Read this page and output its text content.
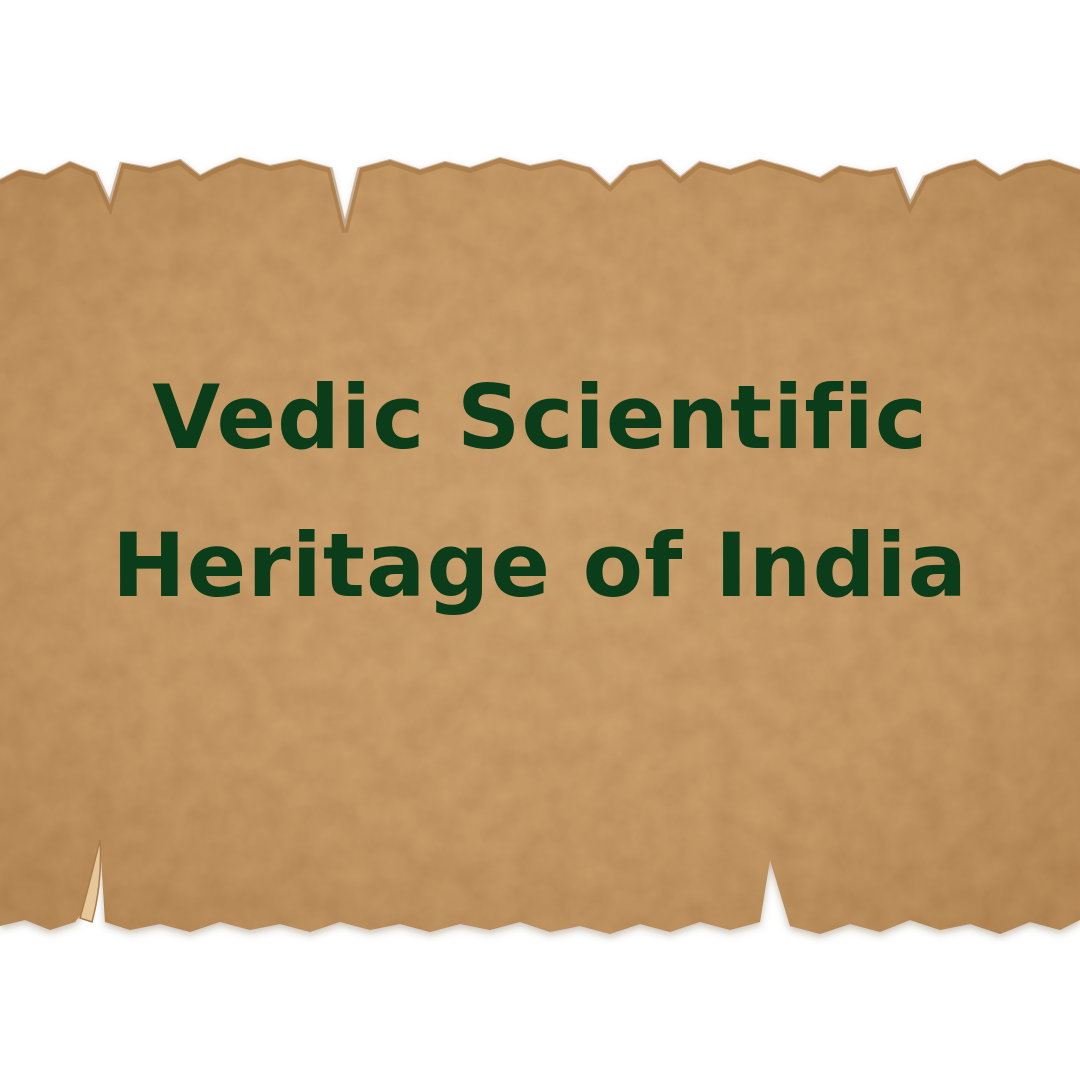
Vedic Scientific
Heritage of India
